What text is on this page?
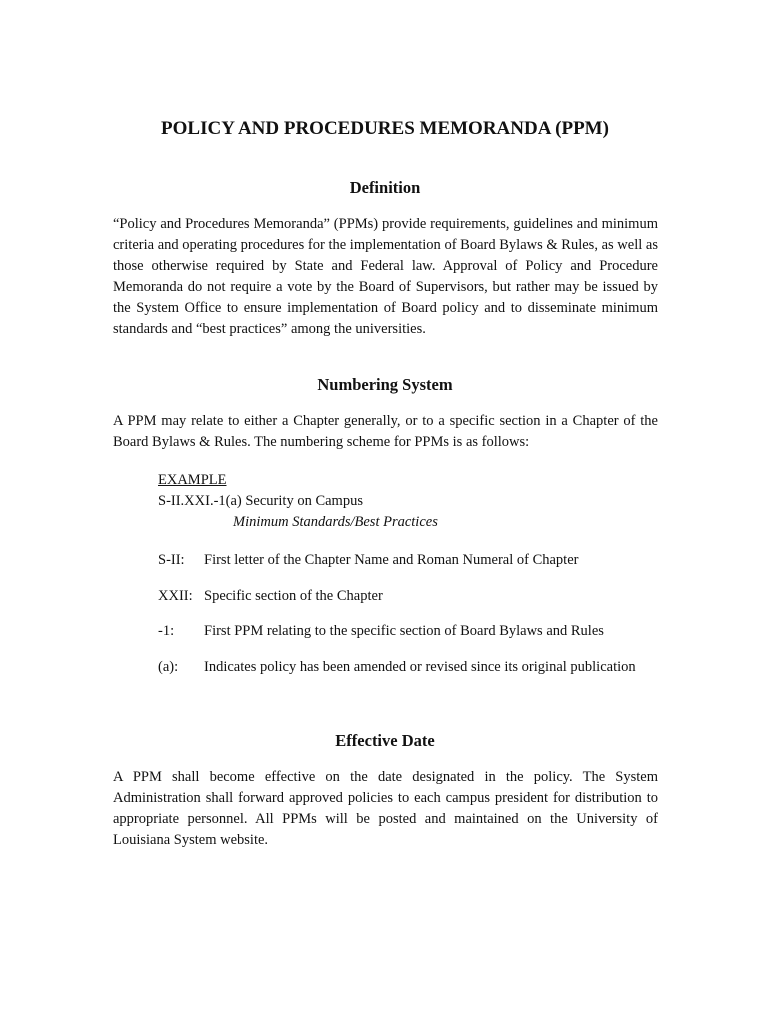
POLICY AND PROCEDURES MEMORANDA (PPM)
Definition

“Policy and Procedures Memoranda” (PPMs) provide requirements, guidelines and minimum criteria and operating procedures for the implementation of Board Bylaws & Rules, as well as those otherwise required by State and Federal law. Approval of Policy and Procedure Memoranda do not require a vote by the Board of Supervisors, but rather may be issued by the System Office to ensure implementation of Board policy and to disseminate minimum standards and “best practices” among the universities.

Numbering System

A PPM may relate to either a Chapter generally, or to a specific section in a Chapter of the Board Bylaws & Rules. The numbering scheme for PPMs is as follows:

EXAMPLE

S-II.XXI.-1(a) Security on Campus

Minimum Standards/Best Practices

S-II:	First letter of the Chapter Name and Roman Numeral of Chapter
XXII: Specific section of the Chapter
-1:	First PPM relating to the specific section of Board Bylaws and Rules
(a):	Indicates policy has been amended or revised since its original publication
Effective Date

A PPM shall become effective on the date designated in the policy. The System Administration shall forward approved policies to each campus president for distribution to appropriate personnel. All PPMs will be posted and maintained on the University of Louisiana System website.
